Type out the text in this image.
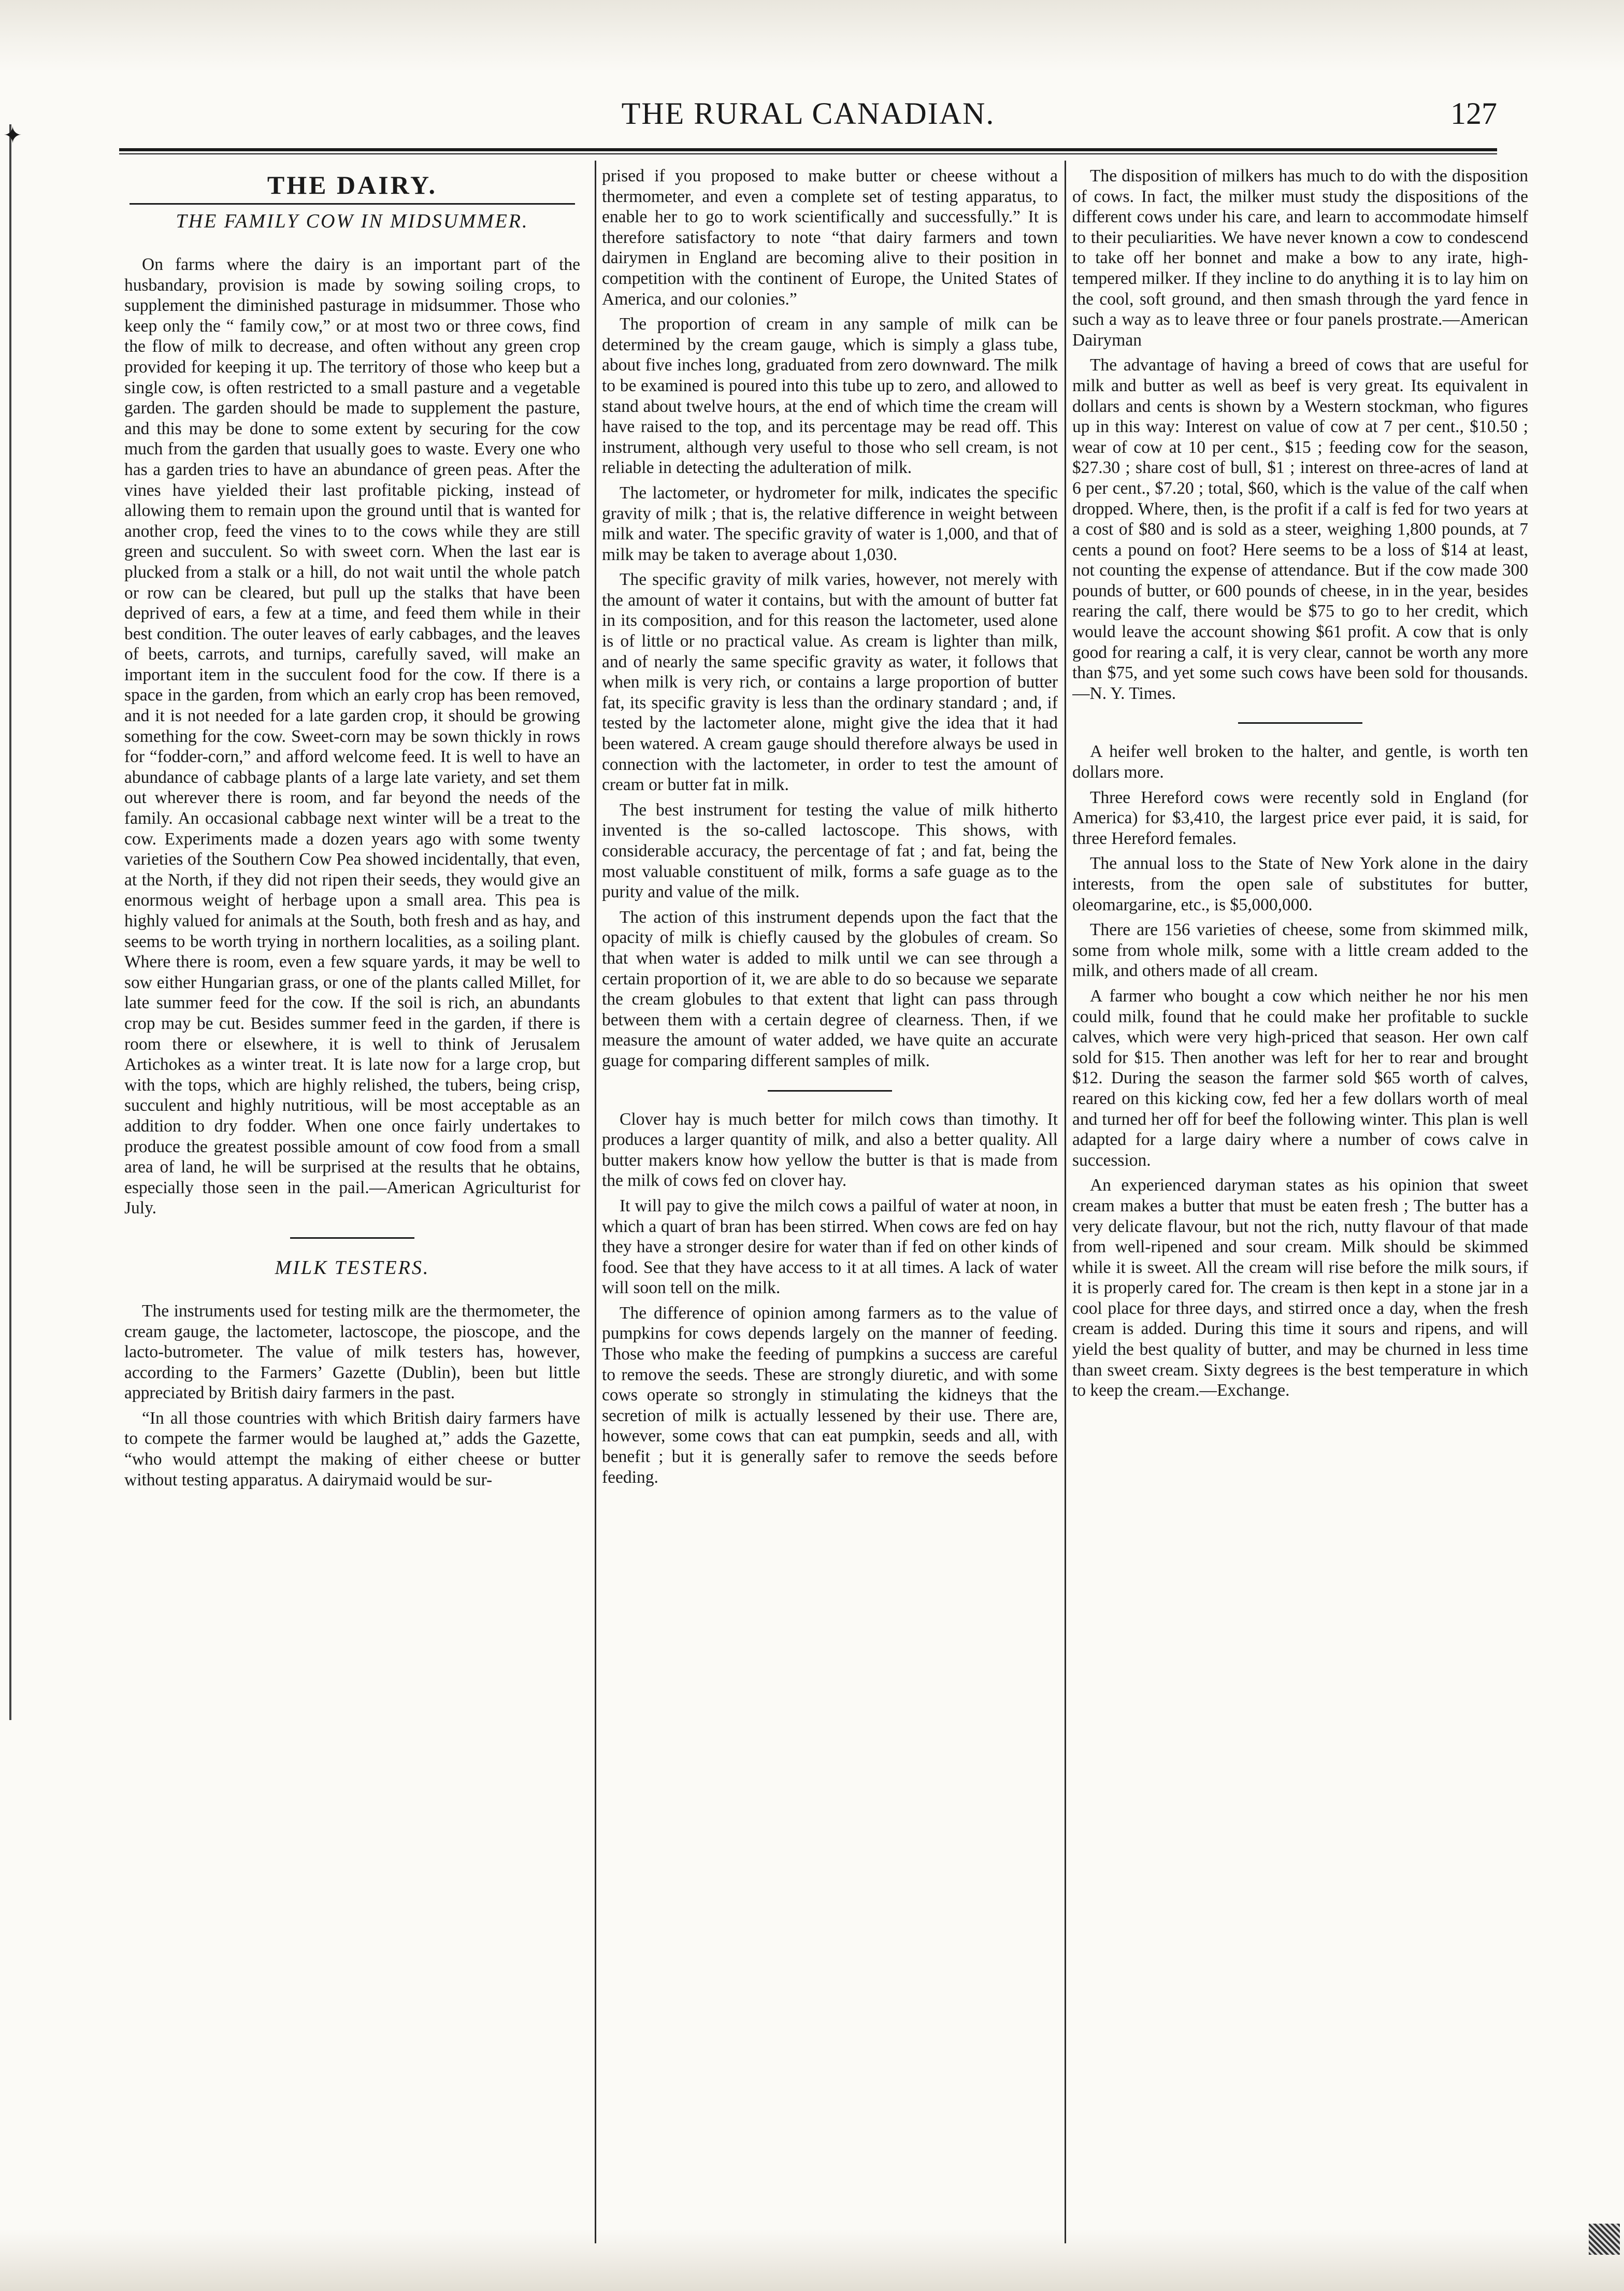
✦
THE RURAL CANADIAN.	127
THE DAIRY.
THE FAMILY COW IN MIDSUMMER.

On farms where the dairy is an important part of the husbandary, provision is made by sowing soiling crops, to supplement the diminished pasturage in midsummer. Those who keep only the “ family cow,” or at most two or three cows, find the flow of milk to decrease, and often without any green crop provided for keeping it up. The territory of those who keep but a single cow, is often restricted to a small pasture and a vegetable garden. The garden should be made to supplement the pasture, and this may be done to some extent by securing for the cow much from the garden that usually goes to waste. Every one who has a garden tries to have an abundance of green peas. After the vines have yielded their last profitable picking, instead of allowing them to remain upon the ground until that is wanted for another crop, feed the vines to to the cows while they are still green and succulent. So with sweet corn. When the last ear is plucked from a stalk or a hill, do not wait until the whole patch or row can be cleared, but pull up the stalks that have been deprived of ears, a few at a time, and feed them while in their best condition. The outer leaves of early cabbages, and the leaves of beets, carrots, and turnips, carefully saved, will make an important item in the succulent food for the cow. If there is a space in the garden, from which an early crop has been removed, and it is not needed for a late garden crop, it should be growing something for the cow. Sweet-corn may be sown thickly in rows for “fodder-corn,” and afford welcome feed. It is well to have an abundance of cabbage plants of a large late variety, and set them out wherever there is room, and far beyond the needs of the family. An occasional cabbage next winter will be a treat to the cow. Experiments made a dozen years ago with some twenty varieties of the Southern Cow Pea showed incidentally, that even, at the North, if they did not ripen their seeds, they would give an enormous weight of herbage upon a small area. This pea is highly valued for animals at the South, both fresh and as hay, and seems to be worth trying in northern localities, as a soiling plant. Where there is room, even a few square yards, it may be well to sow either Hungarian grass, or one of the plants called Millet, for late summer feed for the cow. If the soil is rich, an abundants crop may be cut. Besides summer feed in the garden, if there is room there or elsewhere, it is well to think of Jerusalem Artichokes as a winter treat. It is late now for a large crop, but with the tops, which are highly relished, the tubers, being crisp, succulent and highly nutritious, will be most acceptable as an addition to dry fodder. When one once fairly undertakes to produce the greatest possible amount of cow food from a small area of land, he will be surprised at the results that he obtains, especially those seen in the pail.—American Agriculturist for July.

MILK TESTERS.

The instruments used for testing milk are the thermometer, the cream gauge, the lactometer, lactoscope, the pioscope, and the lacto-butrometer. The value of milk testers has, however, according to the Farmers’ Gazette (Dublin), been but little appreciated by British dairy farmers in the past.

“In all those countries with which British dairy farmers have to compete the farmer would be laughed at,” adds the Gazette, “who would attempt the making of either cheese or butter without testing apparatus. A dairymaid would be sur-

prised if you proposed to make butter or cheese without a thermometer, and even a complete set of testing apparatus, to enable her to go to work scientifically and successfully.” It is therefore satisfactory to note “that dairy farmers and town dairymen in England are becoming alive to their position in competition with the continent of Europe, the United States of America, and our colonies.”

The proportion of cream in any sample of milk can be determined by the cream gauge, which is simply a glass tube, about five inches long, graduated from zero downward. The milk to be examined is poured into this tube up to zero, and allowed to stand about twelve hours, at the end of which time the cream will have raised to the top, and its percentage may be read off. This instrument, although very useful to those who sell cream, is not reliable in detecting the adulteration of milk.

The lactometer, or hydrometer for milk, indicates the specific gravity of milk ; that is, the relative difference in weight between milk and water. The specific gravity of water is 1,000, and that of milk may be taken to average about 1,030.

The specific gravity of milk varies, however, not merely with the amount of water it contains, but with the amount of butter fat in its composition, and for this reason the lactometer, used alone is of little or no practical value. As cream is lighter than milk, and of nearly the same specific gravity as water, it follows that when milk is very rich, or contains a large proportion of butter fat, its specific gravity is less than the ordinary standard ; and, if tested by the lactometer alone, might give the idea that it had been watered. A cream gauge should therefore always be used in connection with the lactometer, in order to test the amount of cream or butter fat in milk.

The best instrument for testing the value of milk hitherto invented is the so-called lactoscope. This shows, with considerable accuracy, the percentage of fat ; and fat, being the most valuable constituent of milk, forms a safe guage as to the purity and value of the milk.

The action of this instrument depends upon the fact that the opacity of milk is chiefly caused by the globules of cream. So that when water is added to milk until we can see through a certain proportion of it, we are able to do so because we separate the cream globules to that extent that light can pass through between them with a certain degree of clearness. Then, if we measure the amount of water added, we have quite an accurate guage for comparing different samples of milk.

Clover hay is much better for milch cows than timothy. It produces a larger quantity of milk, and also a better quality. All butter makers know how yellow the butter is that is made from the milk of cows fed on clover hay.

It will pay to give the milch cows a pailful of water at noon, in which a quart of bran has been stirred. When cows are fed on hay they have a stronger desire for water than if fed on other kinds of food. See that they have access to it at all times. A lack of water will soon tell on the milk.

The difference of opinion among farmers as to the value of pumpkins for cows depends largely on the manner of feeding. Those who make the feeding of pumpkins a success are careful to remove the seeds. These are strongly diuretic, and with some cows operate so strongly in stimulating the kidneys that the secretion of milk is actually lessened by their use. There are, however, some cows that can eat pumpkin, seeds and all, with benefit ; but it is generally safer to remove the seeds before feeding.

The disposition of milkers has much to do with the disposition of cows. In fact, the milker must study the dispositions of the different cows under his care, and learn to accommodate himself to their peculiarities. We have never known a cow to condescend to take off her bonnet and make a bow to any irate, high-tempered milker. If they incline to do anything it is to lay him on the cool, soft ground, and then smash through the yard fence in such a way as to leave three or four panels prostrate.—American Dairyman

The advantage of having a breed of cows that are useful for milk and butter as well as beef is very great. Its equivalent in dollars and cents is shown by a Western stockman, who figures up in this way: Interest on value of cow at 7 per cent., $10.50 ; wear of cow at 10 per cent., $15 ; feeding cow for the season, $27.30 ; share cost of bull, $1 ; interest on three-acres of land at 6 per cent., $7.20 ; total, $60, which is the value of the calf when dropped. Where, then, is the profit if a calf is fed for two years at a cost of $80 and is sold as a steer, weighing 1,800 pounds, at 7 cents a pound on foot? Here seems to be a loss of $14 at least, not counting the expense of attendance. But if the cow made 300 pounds of butter, or 600 pounds of cheese, in in the year, besides rearing the calf, there would be $75 to go to her credit, which would leave the account showing $61 profit. A cow that is only good for rearing a calf, it is very clear, cannot be worth any more than $75, and yet some such cows have been sold for thousands.—N. Y. Times.

A heifer well broken to the halter, and gentle, is worth ten dollars more.

Three Hereford cows were recently sold in England (for America) for $3,410, the largest price ever paid, it is said, for three Hereford females.

The annual loss to the State of New York alone in the dairy interests, from the open sale of substitutes for butter, oleomargarine, etc., is $5,000,000.

There are 156 varieties of cheese, some from skimmed milk, some from whole milk, some with a little cream added to the milk, and others made of all cream.

A farmer who bought a cow which neither he nor his men could milk, found that he could make her profitable to suckle calves, which were very high-priced that season. Her own calf sold for $15. Then another was left for her to rear and brought $12. During the season the farmer sold $65 worth of calves, reared on this kicking cow, fed her a few dollars worth of meal and turned her off for beef the following winter. This plan is well adapted for a large dairy where a number of cows calve in succession.

An experienced daryman states as his opinion that sweet cream makes a butter that must be eaten fresh ; The butter has a very delicate flavour, but not the rich, nutty flavour of that made from well-ripened and sour cream. Milk should be skimmed while it is sweet. All the cream will rise before the milk sours, if it is properly cared for. The cream is then kept in a stone jar in a cool place for three days, and stirred once a day, when the fresh cream is added. During this time it sours and ripens, and will yield the best quality of butter, and may be churned in less time than sweet cream. Sixty degrees is the best temperature in which to keep the cream.—Exchange.
